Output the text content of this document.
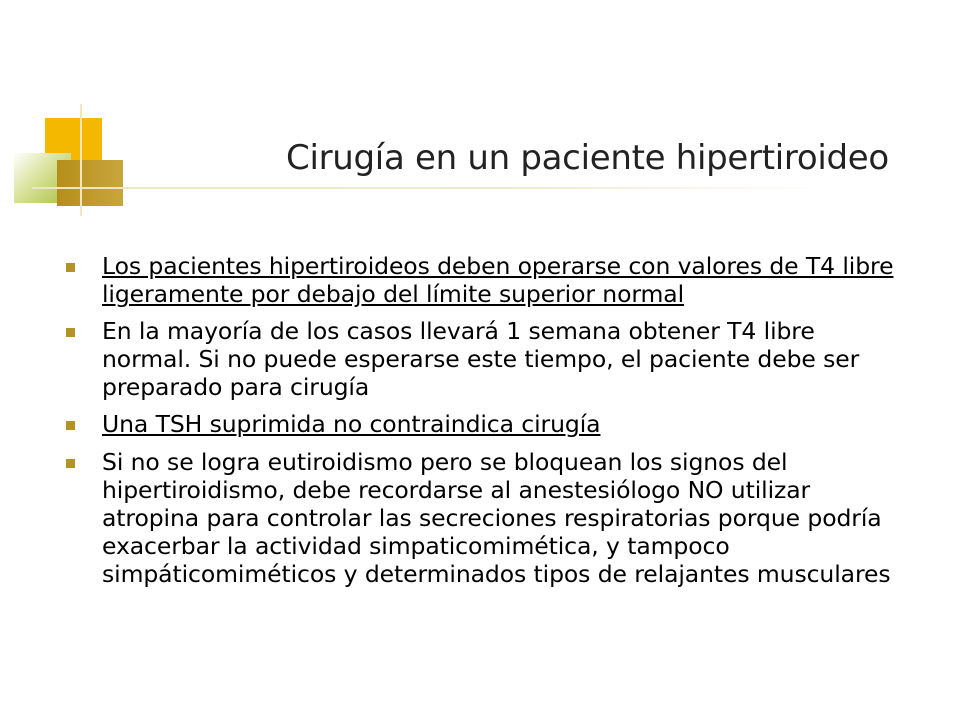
Cirugía en un paciente hipertiroideo
Los pacientes hipertiroideos deben operarse con valores de T4 libre ligeramente por debajo del límite superior normal
En la mayoría de los casos llevará 1 semana obtener T4 libre normal. Si no puede esperarse este tiempo, el paciente debe ser preparado para cirugía
Una TSH suprimida no contraindica cirugía
Si no se logra eutiroidismo pero se bloquean los signos del hipertiroidismo, debe recordarse al anestesiólogo NO utilizar atropina para controlar las secreciones respiratorias porque podría exacerbar la actividad simpaticomimética, y tampoco simpáticomiméticos y determinados tipos de relajantes musculares
